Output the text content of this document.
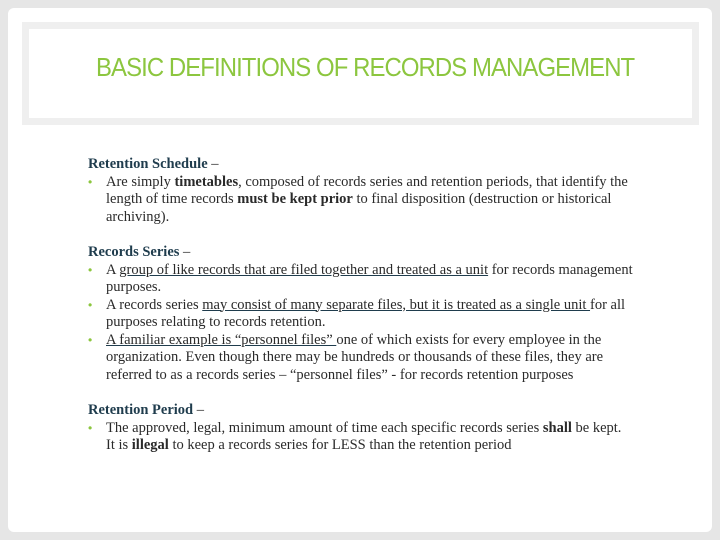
BASIC DEFINITIONS OF RECORDS MANAGEMENT
Retention Schedule –

• Are simply timetables, composed of records series and retention periods, that identify the length of time records must be kept prior to final disposition (destruction or historical archiving).

Records Series –

• A group of like records that are filed together and treated as a unit for records management purposes.

• A records series may consist of many separate files, but it is treated as a single unit for all purposes relating to records retention.

• A familiar example is “personnel files” one of which exists for every employee in the organization. Even though there may be hundreds or thousands of these files, they are referred to as a records series – “personnel files” - for records retention purposes

Retention Period –

• The approved, legal, minimum amount of time each specific records series shall be kept. It is illegal to keep a records series for LESS than the retention period
